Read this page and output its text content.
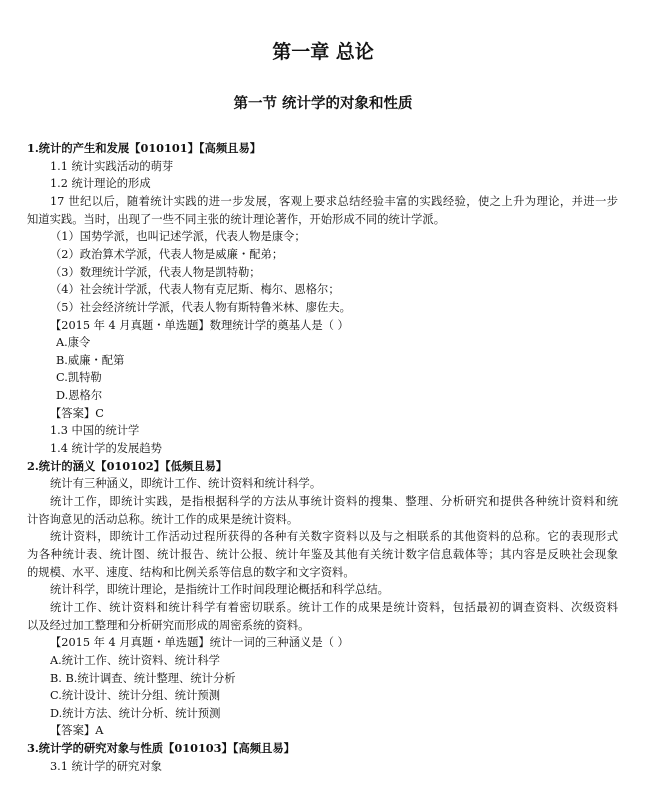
第一章 总论
第一节 统计学的对象和性质

1.统计的产生和发展【010101】【高频且易】

1.1 统计实践活动的萌芽

1.2 统计理论的形成

17 世纪以后，随着统计实践的进一步发展，客观上要求总结经验丰富的实践经验，使之上升为理论，并进一步

知道实践。当时，出现了一些不同主张的统计理论著作，开始形成不同的统计学派。

（1）国势学派，也叫记述学派，代表人物是康令；

（2）政治算术学派，代表人物是威廉・配弟；

（3）数理统计学派，代表人物是凯特勒；

（4）社会统计学派，代表人物有克尼斯、梅尔、恩格尔；

（5）社会经济统计学派，代表人物有斯特鲁米林、廖佐夫。

【2015 年 4 月真题・单选题】数理统计学的奠基人是（ ）

A.康令

B.威廉・配第

C.凯特勒

D.恩格尔

【答案】C

1.3 中国的统计学

1.4 统计学的发展趋势

2.统计的涵义【010102】【低频且易】

统计有三种涵义，即统计工作、统计资料和统计科学。

统计工作，即统计实践，是指根据科学的方法从事统计资料的搜集、整理、分析研究和提供各种统计资料和统

计咨询意见的活动总称。统计工作的成果是统计资料。

统计资料，即统计工作活动过程所获得的各种有关数字资料以及与之相联系的其他资料的总称。它的表现形式

为各种统计表、统计图、统计报告、统计公报、统计年鉴及其他有关统计数字信息载体等；其内容是反映社会现象

的规模、水平、速度、结构和比例关系等信息的数字和文字资料。

统计科学，即统计理论，是指统计工作时间段理论概括和科学总结。

统计工作、统计资料和统计科学有着密切联系。统计工作的成果是统计资料，包括最初的调查资料、次级资料

以及经过加工整理和分析研究而形成的周密系统的资料。

【2015 年 4 月真题・单选题】统计一词的三种涵义是（ ）

A.统计工作、统计资料、统计科学

B. B.统计调查、统计整理、统计分析

C.统计设计、统计分组、统计预测

D.统计方法、统计分析、统计预测

【答案】A

3.统计学的研究对象与性质【010103】【高频且易】

3.1 统计学的研究对象
